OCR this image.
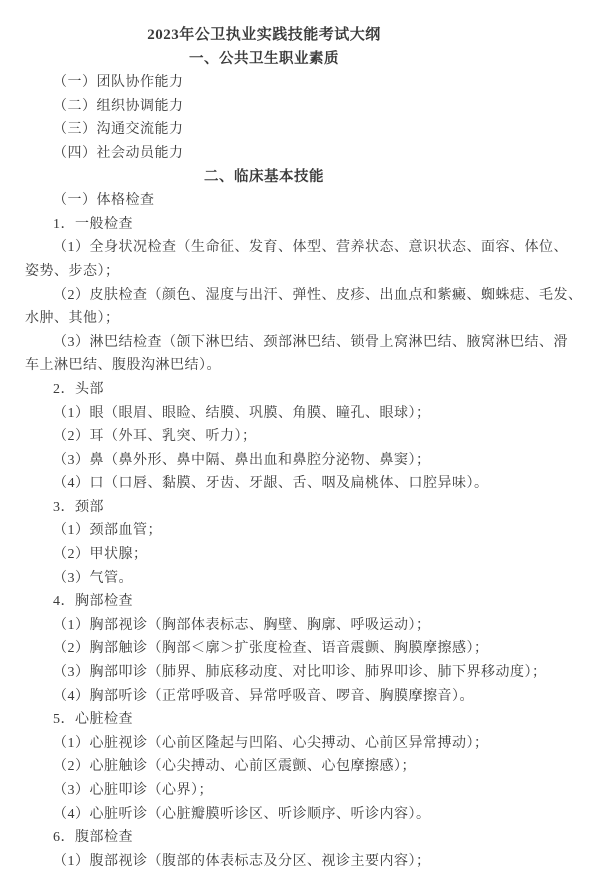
2023年公卫执业实践技能考试大纲
一、公共卫生职业素质
（一）团队协作能力
（二）组织协调能力
（三）沟通交流能力
（四）社会动员能力
二、临床基本技能
（一）体格检查
1．一般检查
（1）全身状况检查（生命征、发育、体型、营养状态、意识状态、面容、体位、
姿势、步态）；
（2）皮肤检查（颜色、湿度与出汗、弹性、皮疹、出血点和紫癜、蜘蛛痣、毛发、
水肿、其他）；
（3）淋巴结检查（颌下淋巴结、颈部淋巴结、锁骨上窝淋巴结、腋窝淋巴结、滑
车上淋巴结、腹股沟淋巴结）。
2．头部
（1）眼（眼眉、眼睑、结膜、巩膜、角膜、瞳孔、眼球）；
（2）耳（外耳、乳突、听力）；
（3）鼻（鼻外形、鼻中隔、鼻出血和鼻腔分泌物、鼻窦）；
（4）口（口唇、黏膜、牙齿、牙龈、舌、咽及扁桃体、口腔异味）。
3．颈部
（1）颈部血管；
（2）甲状腺；
（3）气管。
4．胸部检查
（1）胸部视诊（胸部体表标志、胸壁、胸廓、呼吸运动）；
（2）胸部触诊（胸部＜廓＞扩张度检查、语音震颤、胸膜摩擦感）；
（3）胸部叩诊（肺界、肺底移动度、对比叩诊、肺界叩诊、肺下界移动度）；
（4）胸部听诊（正常呼吸音、异常呼吸音、啰音、胸膜摩擦音）。
5．心脏检查
（1）心脏视诊（心前区隆起与凹陷、心尖搏动、心前区异常搏动）；
（2）心脏触诊（心尖搏动、心前区震颤、心包摩擦感）；
（3）心脏叩诊（心界）；
（4）心脏听诊（心脏瓣膜听诊区、听诊顺序、听诊内容）。
6．腹部检查
（1）腹部视诊（腹部的体表标志及分区、视诊主要内容）；
